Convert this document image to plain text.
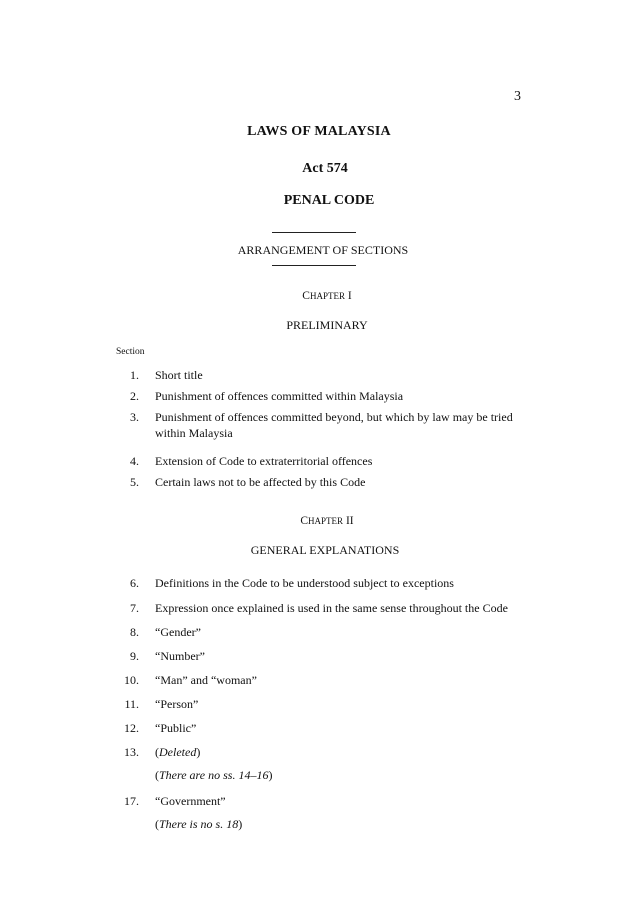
3
LAWS OF MALAYSIA
Act 574
PENAL CODE
ARRANGEMENT OF SECTIONS
CHAPTER I
PRELIMINARY
Section
1. Short title
2. Punishment of offences committed within Malaysia
3. Punishment of offences committed beyond, but which by law may be tried within Malaysia
4. Extension of Code to extraterritorial offences
5. Certain laws not to be affected by this Code
CHAPTER II
GENERAL EXPLANATIONS
6. Definitions in the Code to be understood subject to exceptions
7. Expression once explained is used in the same sense throughout the Code
8. “Gender”
9. “Number”
10. “Man” and “woman”
11. “Person”
12. “Public”
13. (Deleted)
(There are no ss. 14–16)
17. “Government”
(There is no s. 18)
